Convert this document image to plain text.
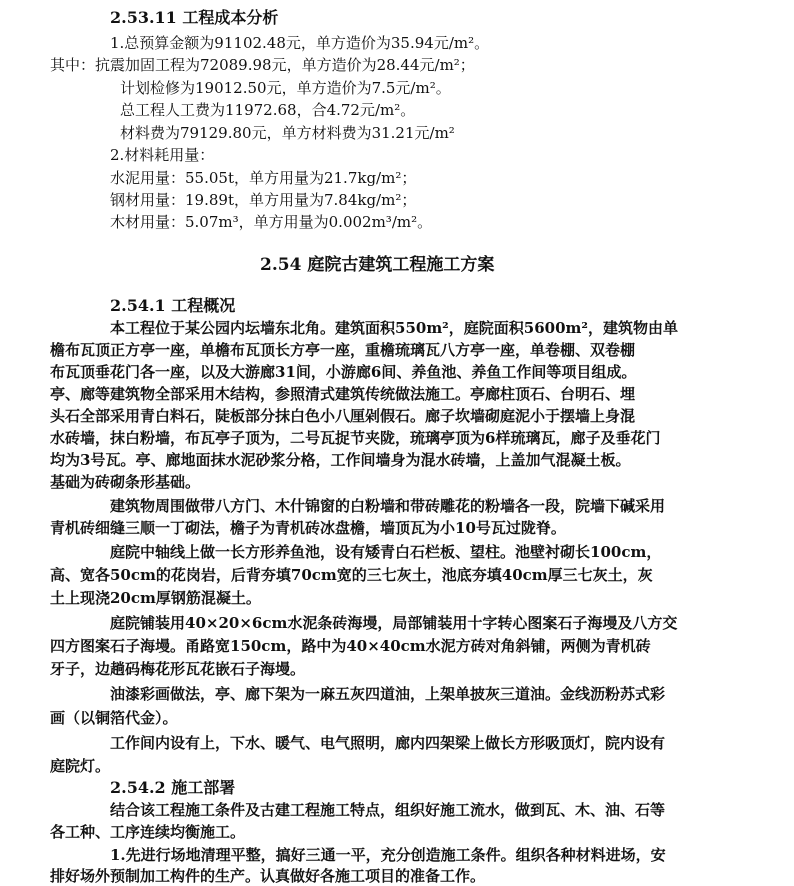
2.53.11 工程成本分析
1.总预算金额为91102.48元，单方造价为35.94元/m²。
其中：抗震加固工程为72089.98元，单方造价为28.44元/m²；
计划检修为19012.50元，单方造价为7.5元/m²。
总工程人工费为11972.68，合4.72元/m²。
材料费为79129.80元，单方材料费为31.21元/m²
2.材料耗用量：
水泥用量：55.05t，单方用量为21.7kg/m²；
钢材用量：19.89t，单方用量为7.84kg/m²；
木材用量：5.07m³，单方用量为0.002m³/m²。
2.54 庭院古建筑工程施工方案
2.54.1 工程概况
本工程位于某公园内坛墙东北角。建筑面积550m²，庭院面积5600m²，建筑物由单
檐布瓦顶正方亭一座，单檐布瓦顶长方亭一座，重檐琉璃瓦八方亭一座，单卷棚、双卷棚
布瓦顶垂花门各一座，以及大游廊31间，小游廊6间、养鱼池、养鱼工作间等项目组成。
亭、廊等建筑物全部采用木结构，参照清式建筑传统做法施工。亭廊柱顶石、台明石、埋
头石全部采用青白料石，陡板部分抹白色小八厘剁假石。廊子坎墙砌庭泥小于摆墙上身混
水砖墙，抹白粉墙，布瓦亭子顶为，二号瓦捉节夹陇，琉璃亭顶为6样琉璃瓦，廊子及垂花门
均为3号瓦。亭、廊地面抹水泥砂浆分格，工作间墙身为混水砖墙，上盖加气混凝土板。
基础为砖砌条形基础。
建筑物周围做带八方门、木什锦窗的白粉墙和带砖雕花的粉墙各一段，院墙下碱采用
青机砖细缝三顺一丁砌法，檐子为青机砖冰盘檐，墙顶瓦为小10号瓦过陇脊。
庭院中轴线上做一长方形养鱼池，设有矮青白石栏板、望柱。池壁衬砌长100cm，
高、宽各50cm的花岗岩，后背夯填70cm宽的三七灰土，池底夯填40cm厚三七灰土，灰
土上现浇20cm厚钢筋混凝土。
庭院铺装用40×20×6cm水泥条砖海墁，局部铺装用十字转心图案石子海墁及八方交
四方图案石子海墁。甬路宽150cm，路中为40×40cm水泥方砖对角斜铺，两侧为青机砖
牙子，边趟码梅花形瓦花嵌石子海墁。
油漆彩画做法，亭、廊下架为一麻五灰四道油，上架单披灰三道油。金线沥粉苏式彩
画（以铜箔代金）。
工作间内设有上，下水、暖气、电气照明，廊内四架梁上做长方形吸顶灯，院内设有
庭院灯。
2.54.2 施工部署
结合该工程施工条件及古建工程施工特点，组织好施工流水，做到瓦、木、油、石等
各工种、工序连续均衡施工。
1.先进行场地清理平整，搞好三通一平，充分创造施工条件。组织各种材料进场，安
排好场外预制加工构件的生产。认真做好各施工项目的准备工作。
